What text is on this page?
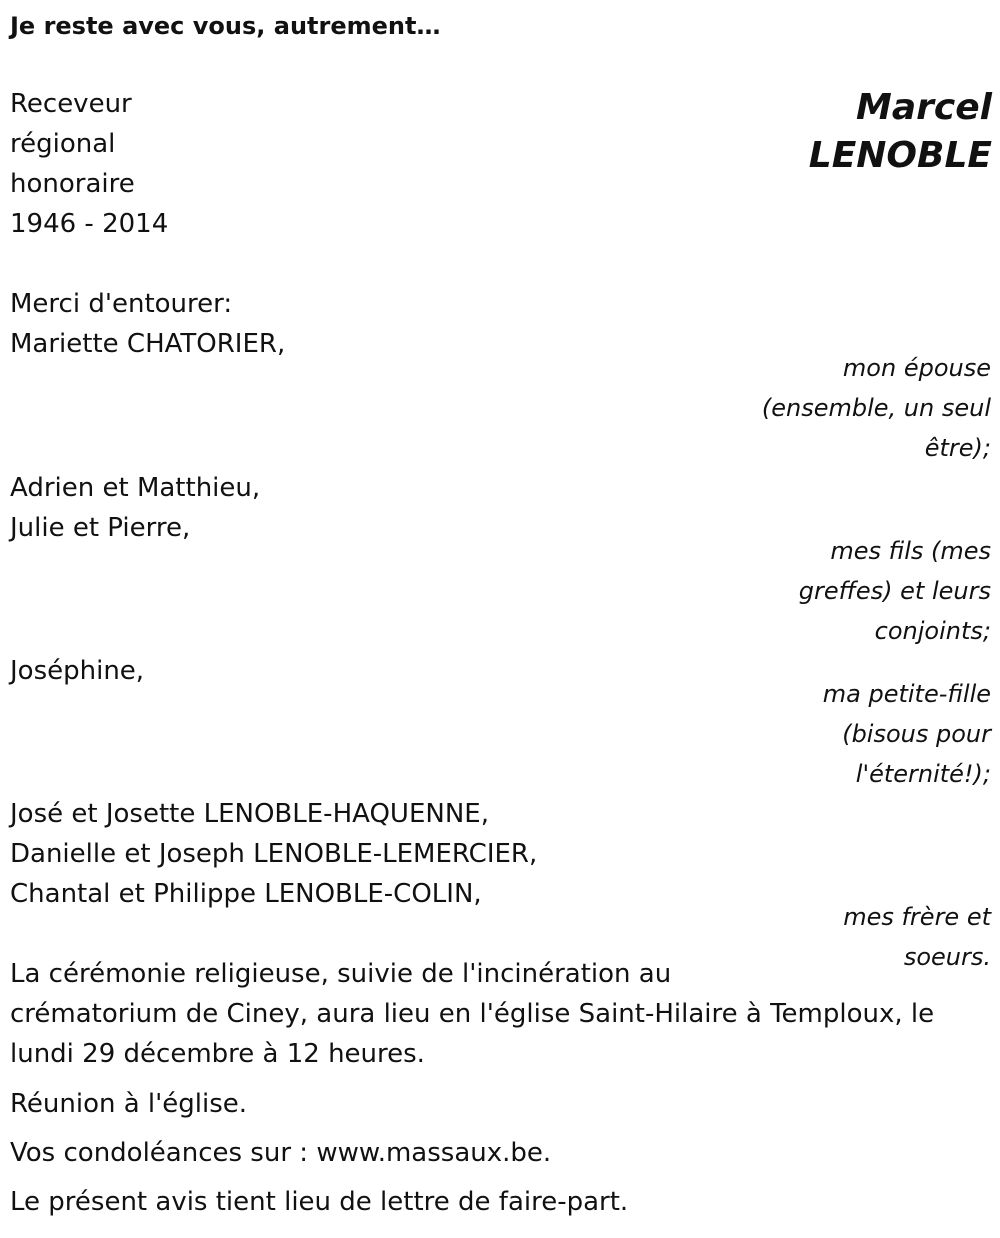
Je reste avec vous, autrement…
Receveur
régional
honoraire
1946 - 2014
Marcel
LENOBLE
Merci d'entourer:
Mariette CHATORIER,
mon épouse
(ensemble, un seul
être);
Adrien et Matthieu,
Julie et Pierre,
mes fils (mes
greffes) et leurs
conjoints;
Joséphine,
ma petite-fille
(bisous pour
l'éternité!);
José et Josette LENOBLE-HAQUENNE,
Danielle et Joseph LENOBLE-LEMERCIER,
Chantal et Philippe LENOBLE-COLIN,
mes frère et
soeurs.
La cérémonie religieuse, suivie de l'incinération au
crématorium de Ciney, aura lieu en l'église Saint-Hilaire à Temploux, le
lundi 29 décembre à 12 heures.
Réunion à l'église.
Vos condoléances sur : www.massaux.be.
Le présent avis tient lieu de lettre de faire-part.
